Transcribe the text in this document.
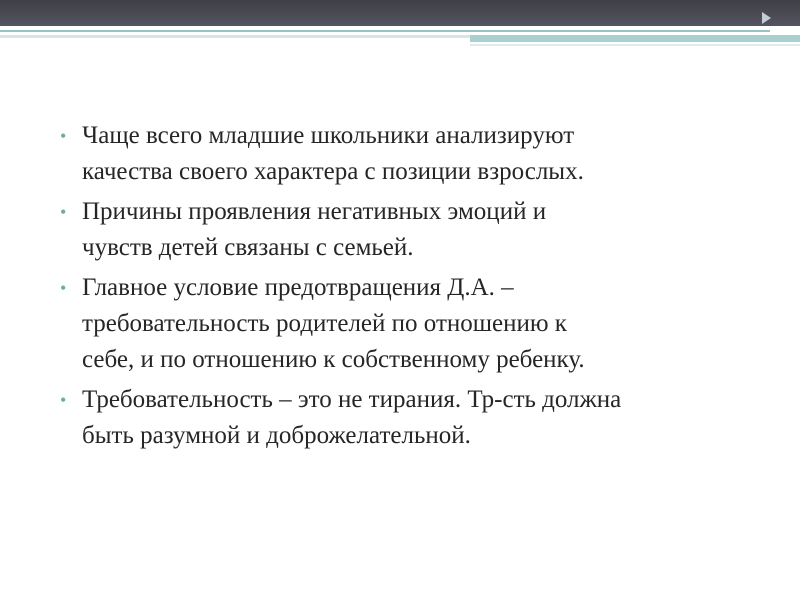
• Чаще всего младшие школьники анализируют
качества своего характера с позиции взрослых.
• Причины проявления негативных эмоций и
чувств детей связаны с семьей.
• Главное условие предотвращения Д.А. –
требовательность родителей по отношению к
себе, и по отношению к собственному ребенку.
• Требовательность – это не тирания. Тр-сть должна
быть разумной и доброжелательной.
